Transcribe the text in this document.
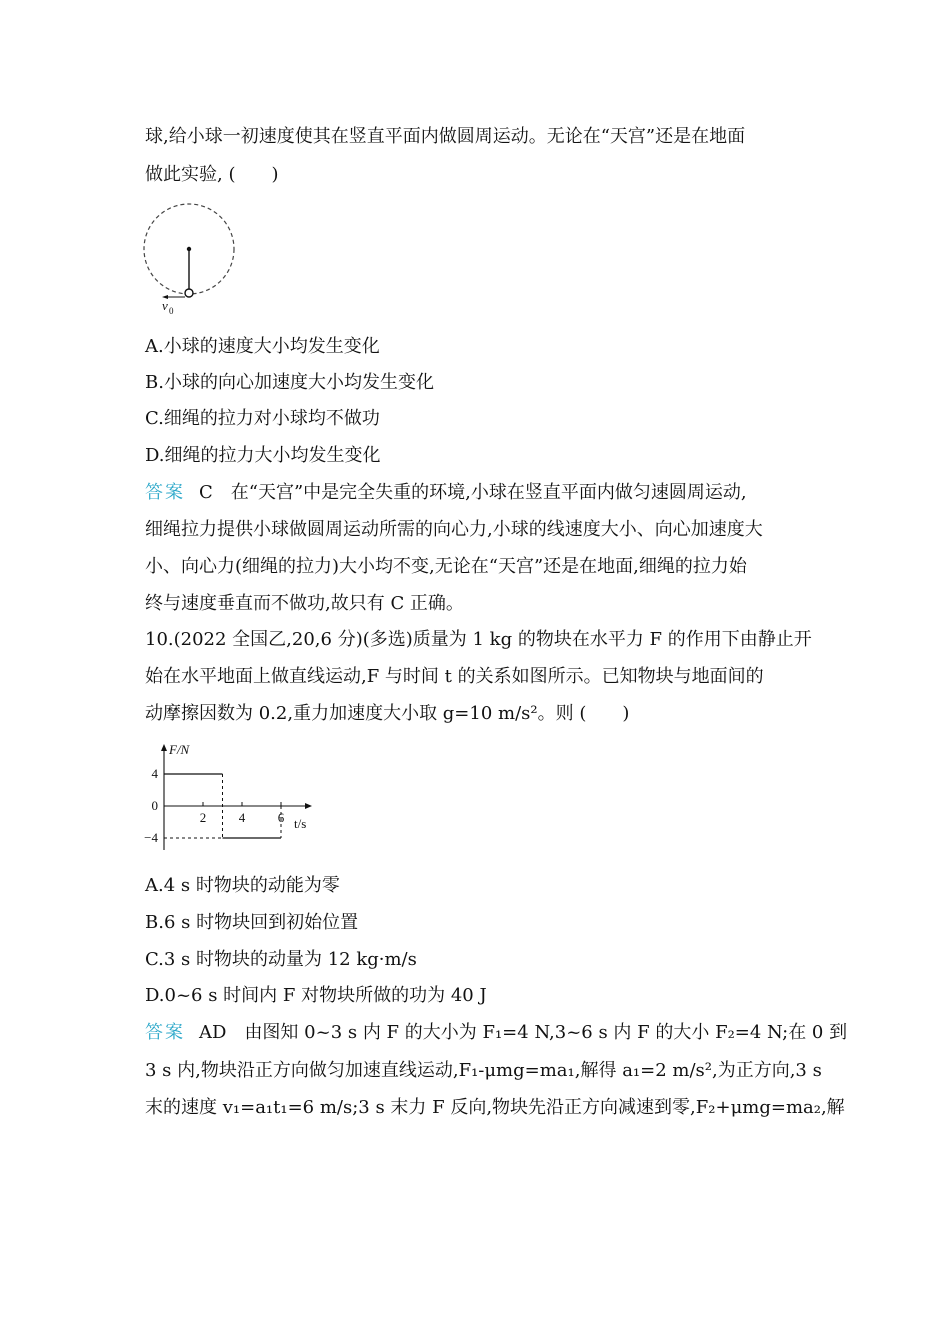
球,给小球一初速度使其在竖直平面内做圆周运动。无论在“天宫”还是在地面
做此实验, (　　)
v 0
A.小球的速度大小均发生变化
B.小球的向心加速度大小均发生变化
C.细绳的拉力对小球均不做功
D.细绳的拉力大小均发生变化
答案 C 在“天宫”中是完全失重的环境,小球在竖直平面内做匀速圆周运动,
细绳拉力提供小球做圆周运动所需的向心力,小球的线速度大小、向心加速度大
小、向心力(细绳的拉力)大小均不变,无论在“天宫”还是在地面,细绳的拉力始
终与速度垂直而不做功,故只有 C 正确。
10.(2022 全国乙,20,6 分)(多选)质量为 1 kg 的物块在水平力 F 的作用下由静止开
始在水平地面上做直线运动,F 与时间 t 的关系如图所示。已知物块与地面间的
动摩擦因数为 0.2,重力加速度大小取 g=10 m/s²。则 (　　)
F/N
t/s
4
0
−4
2	4	6
A.4 s 时物块的动能为零
B.6 s 时物块回到初始位置
C.3 s 时物块的动量为 12 kg·m/s
D.0~6 s 时间内 F 对物块所做的功为 40 J
答案 AD 由图知 0~3 s 内 F 的大小为 F₁=4 N,3~6 s 内 F 的大小 F₂=4 N;在 0 到
3 s 内,物块沿正方向做匀加速直线运动,F₁-μmg=ma₁,解得 a₁=2 m/s²,为正方向,3 s
末的速度 v₁=a₁t₁=6 m/s;3 s 末力 F 反向,物块先沿正方向减速到零,F₂+μmg=ma₂,解
